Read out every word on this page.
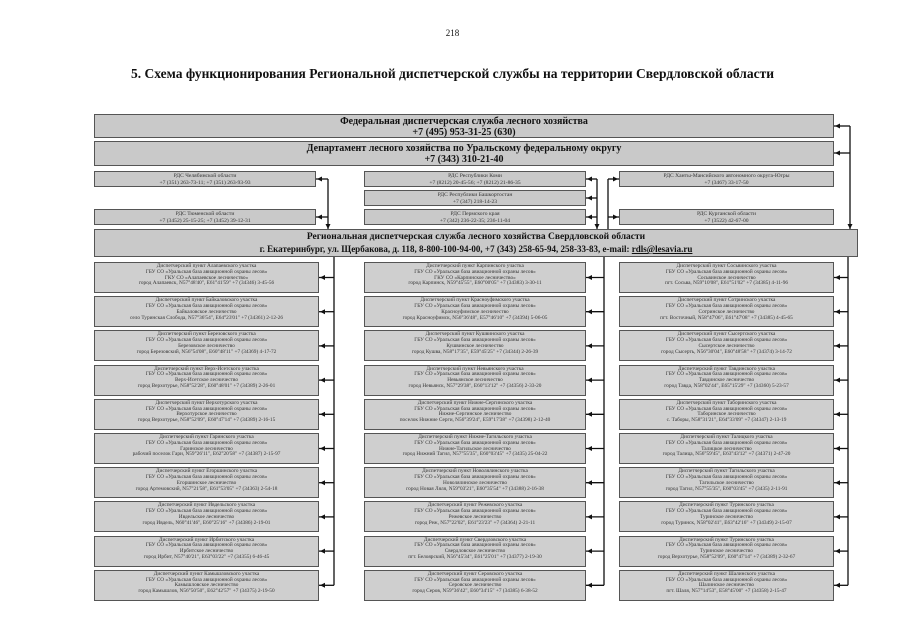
218
5. Схема функционирования Региональной диспетчерской службы на территории Свердловской области
Федеральная диспетчерская служба лесного хозяйства
+7 (495) 953-31-25 (630)
Департамент лесного хозяйства по Уральскому федеральному округу
+7 (343) 310-21-40
РДС Челябинской области
+7 (351) 263-73-11; +7 (351) 263-93-93
РДС Тюменской области
+7 (3452) 25-15-25; +7 (3452) 39-12-31
РДС Республики Коми
+7 (8212) 20-45-56; +7 (8212) 21-86-35
РДС Республики Башкортостан
+7 (347) 218-14-23
РДС Пермского края
+7 (342) 236-22-35; 236-11-04
РДС Ханты-Мансийского автономного округа-Югры
+7 (3467) 33-17-50
РДС Курганской области
+7 (3522) 42-67-00
Региональная диспетчерская служба лесного хозяйства Свердловской области
г. Екатеринбург, ул. Щербакова, д. 118, 8-800-100-94-00, +7 (343) 258-65-94, 258-33-83, e-mail: rdls@lesavia.ru
Диспетчерский пункт Алапаевского участка
ГБУ СО «Уральская база авиационной охраны лесов»
ГКУ СО «Алапаевское лесничество»
город Алапаевск, N57°48'40", E61°41'59" +7 (34346) 3-45-56
Диспетчерский пункт Байкаловского участка
ГБУ СО «Уральская база авиационной охраны лесов»
Байкаловское лесничество
село Туринская Слобода, N57°36'54", E64°23'01" +7 (34361) 2-12-26
Диспетчерский пункт Березовского участка
ГБУ СО «Уральская база авиационной охраны лесов»
Березовское лесничество
город Березовский, N56°54'08", E60°48'11" +7 (34369) 4-17-72
Диспетчерский пункт Верх-Исетского участка
ГБУ СО «Уральская база авиационной охраны лесов»
Верх-Исетское лесничество
город Верхотурье, N58°52'28", E60°48'01" +7 (34389) 2-26-01
Диспетчерский пункт Верхотурского участка
ГБУ СО «Уральская база авиационной охраны лесов»
Верхотурское лесничество
город Верхотурье, N58°52'09", E60°47'14" +7 (34389) 2-16-15
Диспетчерский пункт Гаринского участка
ГБУ СО «Уральская база авиационной охраны лесов»
Гаринское лесничество
рабочий поселок Гари, N59°26'11", E62°20'58" +7 (34387) 2-15-97
Диспетчерский пункт Егоршинского участка
ГБУ СО «Уральская база авиационной охраны лесов»
Егоршинское лесничество
город Артемовский, N57°21'58", E61°53'05" +7 (34363) 2-54-18
Диспетчерский пункт Ивдельского участка
ГБУ СО «Уральская база авиационной охраны лесов»
Ивдельское лесничество
город Ивдель, N60°41'46", E60°25'16" +7 (34386) 2-19-01
Диспетчерский пункт Ирбитского участка
ГБУ СО «Уральская база авиационной охраны лесов»
Ирбитское лесничество
город Ирбит, N57°40'21", E63°03'22" +7 (34355) 6-46-45
Диспетчерский пункт Камышловского участка
ГБУ СО «Уральская база авиационной охраны лесов»
Камышловское лесничество
город Камышлов, N56°50'50", E62°42'57" +7 (34375) 2-19-50
Диспетчерский пункт Карпинского участка
ГБУ СО «Уральская база авиационной охраны лесов»
ГКУ СО «Карпинское лесничество»
город Карпинск, N59°45'55", E60°00'05" +7 (34383) 3-30-11
Диспетчерский пункт Красноуфимского участка
ГБУ СО «Уральская база авиационной охраны лесов»
Красноуфимское лесничество
город Красноуфимск, N56°36'48", E57°46'10" +7 (34394) 5-06-05
Диспетчерский пункт Кушвинского участка
ГБУ СО «Уральская база авиационной охраны лесов»
Кушвинское лесничество
город Кушва, N58°17'35", E59°45'25" +7 (34344) 2-26-39
Диспетчерский пункт Невьянского участка
ГБУ СО «Уральская база авиационной охраны лесов»
Невьянское лесничество
город Невьянск, N57°29'38", E60°13'12" +7 (34356) 2-33-20
Диспетчерский пункт Нижне-Сергинского участка
ГБУ СО «Уральская база авиационной охраны лесов»
Нижне-Сергинское лесничество
поселок Нижние Серги, N56°39'24", E59°17'38" +7 (34398) 2-12-40
Диспетчерский пункт Нижне-Тагильского участка
ГБУ СО «Уральская база авиационной охраны лесов»
Нижне-Тагильское лесничество
город Нижний Тагил, N57°55'35", E60°03'45" +7 (3435) 25-04-22
Диспетчерский пункт Новолялинского участка
ГБУ СО «Уральская база авиационной охраны лесов»
Новолялинское лесничество
город Новая Ляля, N59°03'21", E60°35'54" +7 (34388) 2-16-38
Диспетчерский пункт Режевского участка
ГБУ СО «Уральская база авиационной охраны лесов»
Режевское лесничество
город Реж, N57°22'02", E61°23'23" +7 (34364) 2-21-11
Диспетчерский пункт Свердловского участка
ГБУ СО «Уральская база авиационной охраны лесов»
Свердловское лесничество
пгт. Белоярский, N56°45'34", E61°25'01" +7 (34377) 2-19-30
Диспетчерский пункт Серовского участка
ГБУ СО «Уральская база авиационной охраны лесов»
Серовское лесничество
город Серов, N59°36'42", E60°34'15" +7 (34385) 6-38-52
Диспетчерский пункт Сосьвинского участка
ГБУ СО «Уральская база авиационной охраны лесов»
Сосьвинское лесничество
пгт. Сосьва, N59°10'08", E61°51'02" +7 (34385) 4-11-96
Диспетчерский пункт Сотринского участка
ГБУ СО «Уральская база авиационной охраны лесов»
Сотринское лесничество
пгт. Восточный, N58°47'06", E61°47'08" +7 (34385) 4-45-65
Диспетчерский пункт Сысертского участка
ГБУ СО «Уральская база авиационной охраны лесов»
Сысертское лесничество
город Сысерть, N56°30'04", E60°48'58" +7 (34374) 3-14-72
Диспетчерский пункт Тавдинского участка
ГБУ СО «Уральская база авиационной охраны лесов»
Тавдинское лесничество
город Тавда, N58°02'44", E65°15'29" +7 (34360) 5-23-57
Диспетчерский пункт Таборинского участка
ГБУ СО «Уральская база авиационной охраны лесов»
Таборинское лесничество
с. Таборы, N58°31'21", E64°33'09" +7 (34347) 2-13-19
Диспетчерский пункт Талицкого участка
ГБУ СО «Уральская база авиационной охраны лесов»
Талицкое лесничество
город Талица, N56°59'45", E63°43'12" +7 (34371) 2-47-20
Диспетчерский пункт Тагильского участка
ГБУ СО «Уральская база авиационной охраны лесов»
Тагильское лесничество
город Тагил, N57°55'35", E60°03'45" +7 (3435) 2-11-91
Диспетчерский пункт Туринского участка
ГБУ СО «Уральская база авиационной охраны лесов»
Туринское лесничество
город Туринск, N58°02'41", E63°42'16" +7 (34349) 2-15-07
Диспетчерский пункт Туринского участка
ГБУ СО «Уральская база авиационной охраны лесов»
Туринское лесничество
город Верхотурье, N58°52'09", E60°47'14" +7 (34389) 2-32-67
Диспетчерский пункт Шалинского участка
ГБУ СО «Уральская база авиационной охраны лесов»
Шалинское лесничество
пгт. Шаля, N57°14'53", E58°45'00" +7 (34358) 2-15-47
